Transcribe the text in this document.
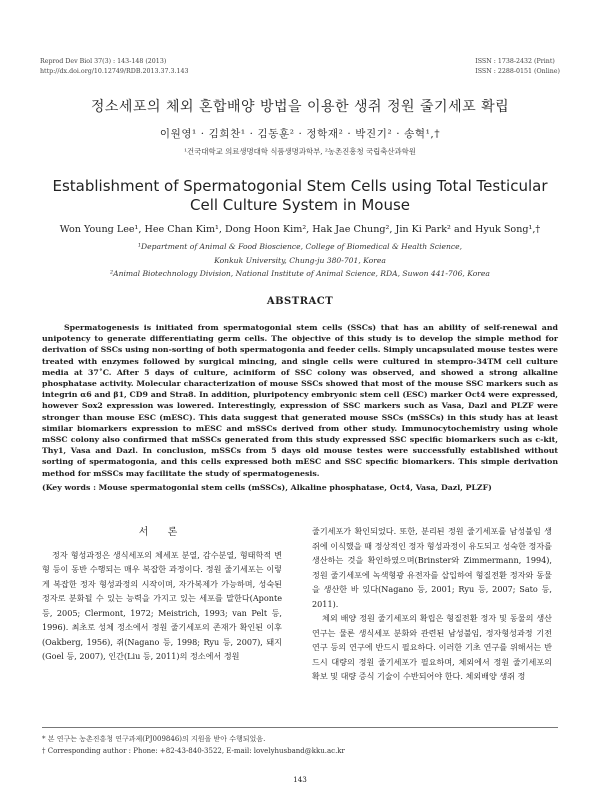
Reprod Dev Biol 37(3) : 143-148 (2013)
http://dx.doi.org/10.12749/RDB.2013.37.3.143
ISSN : 1738-2432 (Print)
ISSN : 2288-0151 (Online)
정소세포의 체외 혼합배양 방법을 이용한 생쥐 정원 줄기세포 확립
이원영¹ · 김희찬¹ · 김동훈² · 정학재² · 박진기² · 송혁¹,†
¹건국대학교 의료생명대학 식품생명과학부, ²농촌진흥청 국립축산과학원
Establishment of Spermatogonial Stem Cells using Total Testicular
Cell Culture System in Mouse
Won Young Lee¹, Hee Chan Kim¹, Dong Hoon Kim², Hak Jae Chung², Jin Ki Park² and Hyuk Song¹,†
¹Department of Animal & Food Bioscience, College of Biomedical & Health Science,
Konkuk University, Chung-ju 380-701, Korea
²Animal Biotechnology Division, National Institute of Animal Science, RDA, Suwon 441-706, Korea
ABSTRACT

Spermatogenesis is initiated from spermatogonial stem cells (SSCs) that has an ability of self-renewal and unipotency to generate differentiating germ cells. The objective of this study is to develop the simple method for derivation of SSCs using non-sorting of both spermatogonia and feeder cells. Simply uncapsulated mouse testes were treated with enzymes followed by surgical mincing, and single cells were cultured in stempro-34TM cell culture media at 37˚C. After 5 days of culture, aciniform of SSC colony was observed, and showed a strong alkaline phosphatase activity. Molecular characterization of mouse SSCs showed that most of the mouse SSC markers such as integrin α6 and β1, CD9 and Stra8. In addition, pluripotency embryonic stem cell (ESC) marker Oct4 were expressed, however Sox2 expression was lowered. Interestingly, expression of SSC markers such as Vasa, Dazl and PLZF were stronger than mouse ESC (mESC). This data suggest that generated mouse SSCs (mSSCs) in this study has at least similar biomarkers expression to mESC and mSSCs derived from other study. Immunocytochemistry using whole mSSC colony also confirmed that mSSCs generated from this study expressed SSC specific biomarkers such as c-kit, Thy1, Vasa and Dazl. In conclusion, mSSCs from 5 days old mouse testes were successfully established without sorting of spermatogonia, and this cells expressed both mESC and SSC specific biomarkers. This simple derivation method for mSSCs may facilitate the study of spermatogenesis.

(Key words : Mouse spermatogonial stem cells (mSSCs), Alkaline phosphatase, Oct4, Vasa, Dazl, PLZF)
서 론

정자 형성과정은 생식세포의 체세포 분열, 감수분열, 형태학적 변형 등이 동반 수행되는 매우 복잡한 과정이다. 정원 줄기세포는 이렇게 복잡한 정자 형성과정의 시작이며, 자가복제가 가능하며, 성숙된 정자로 분화될 수 있는 능력을 가지고 있는 세포를 말한다(Aponte 등, 2005; Clermont, 1972; Meistrich, 1993; van Pelt 등, 1996). 최초로 성체 정소에서 정원 줄기세포의 존재가 확인된 이후(Oakberg, 1956), 쥐(Nagano 등, 1998; Ryu 등, 2007), 돼지(Goel 등, 2007), 인간(Liu 등, 2011)의 정소에서 정원

줄기세포가 확인되었다. 또한, 분리된 정원 줄기세포를 남성불임 생쥐에 이식했을 때 정상적인 정자 형성과정이 유도되고 성숙한 정자를 생산하는 것을 확인하였으며(Brinster와 Zimmermann, 1994), 정원 줄기세포에 녹색형광 유전자를 삽입하여 형질전환 정자와 동물을 생산한 바 있다(Nagano 등, 2001; Ryu 등, 2007; Sato 등, 2011).

체외 배양 정원 줄기세포의 확립은 형질전환 정자 및 동물의 생산 연구는 물론 생식세포 분화와 관련된 남성불임, 정자형성과정 기전 연구 등의 연구에 반드시 필요하다. 이러한 기초 연구를 위해서는 반드시 대량의 정원 줄기세포가 필요하며, 체외에서 정원 줄기세포의 확보 및 대량 증식 기술이 수반되어야 한다. 체외배양 생쥐 정

* 본 연구는 농촌진흥청 연구과제(PJ009846)의 지원을 받아 수행되었음.
† Corresponding author : Phone: +82-43-840-3522, E-mail: lovelyhusband@kku.ac.kr
143
